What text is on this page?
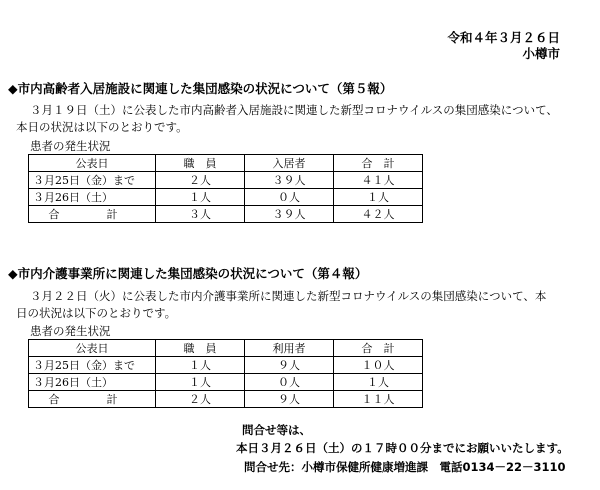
令和４年３月２６日
小樽市
◆市内高齢者入居施設に関連した集団感染の状況について（第５報）
３月１９日（土）に公表した市内高齢者入居施設に関連した新型コロナウイルスの集団感染について、
本日の状況は以下のとおりです。
患者の発生状況
公表日	職　員	入居者	合　計
３月25日（金）まで	２人	３９人	４１人
３月26日（土）	１人	０人	１人
合　計	３人	３９人	４２人
◆市内介護事業所に関連した集団感染の状況について（第４報）
３月２２日（火）に公表した市内介護事業所に関連した新型コロナウイルスの集団感染について、本
日の状況は以下のとおりです。
患者の発生状況
公表日	職　員	利用者	合　計
３月25日（金）まで	１人	９人	１０人
３月26日（土）	１人	０人	１人
合　計	２人	９人	１１人
問合せ等は、
本日３月２６日（土）の１７時００分までにお願いいたします。
問合せ先：小樽市保健所健康増進課　電話0134－22－3110
